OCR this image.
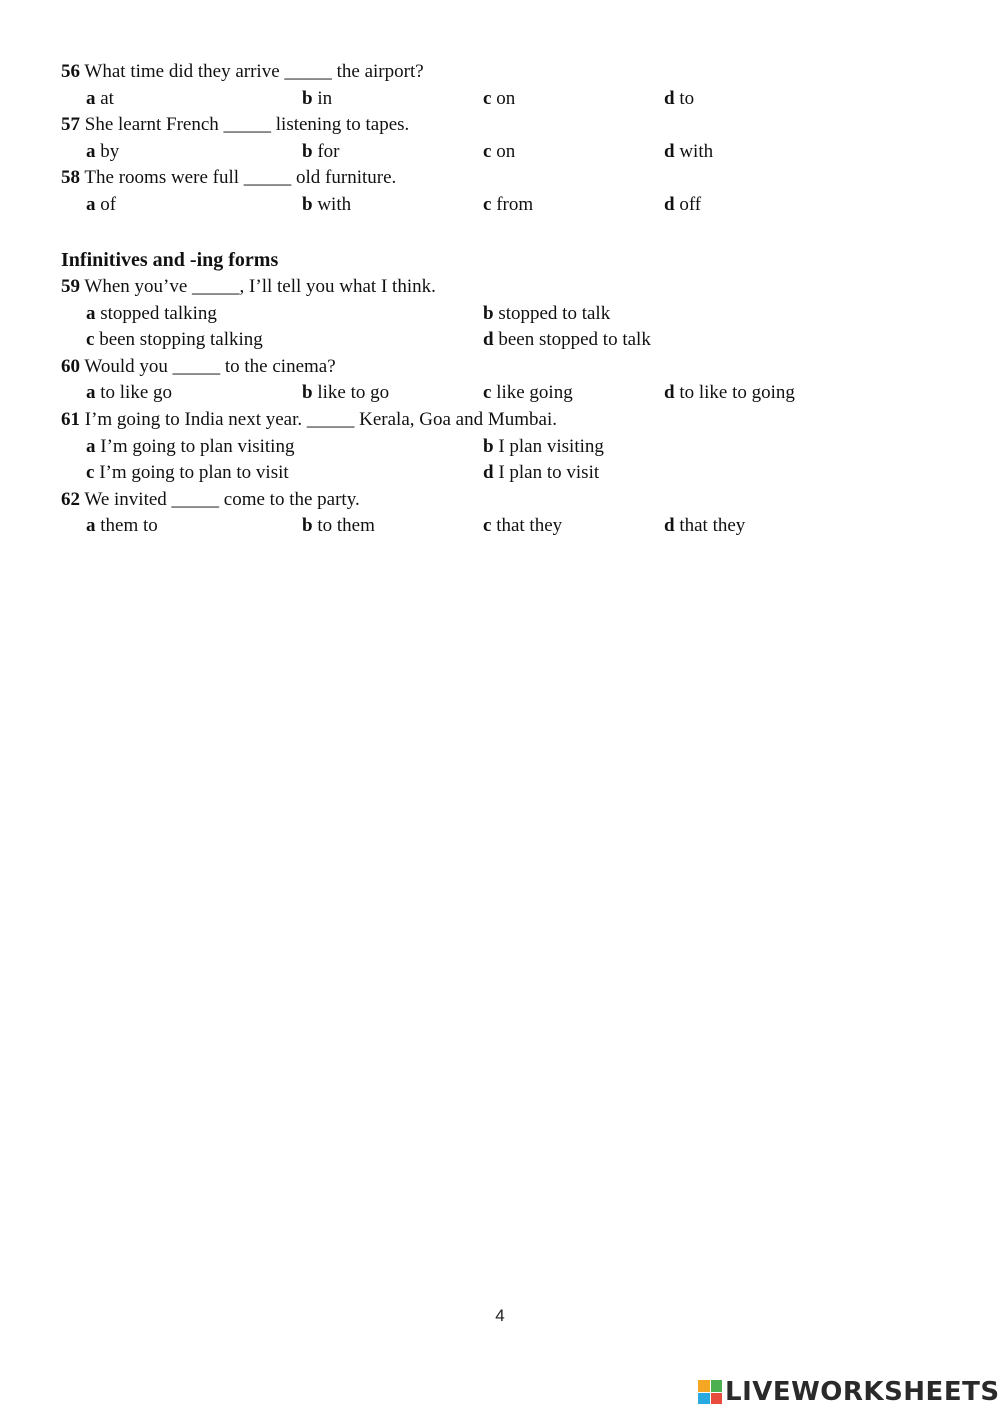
56 What time did they arrive _____ the airport?
a at	b in	c on	d to
57 She learnt French _____ listening to tapes.
a by	b for	c on	d with
58 The rooms were full _____ old furniture.
a of	b with	c from	d off
Infinitives and -ing forms
59 When you’ve _____, I’ll tell you what I think.
a stopped talking	b stopped to talk
c been stopping talking	d been stopped to talk
60 Would you _____ to the cinema?
a to like go	b like to go	c like going	d to like to going
61 I’m going to India next year. _____ Kerala, Goa and Mumbai.
a I’m going to plan visiting	b I plan visiting
c I’m going to plan to visit	d I plan to visit
62 We invited _____ come to the party.
a them to	b to them	c that they	d that they
4
LIVEWORKSHEETS
